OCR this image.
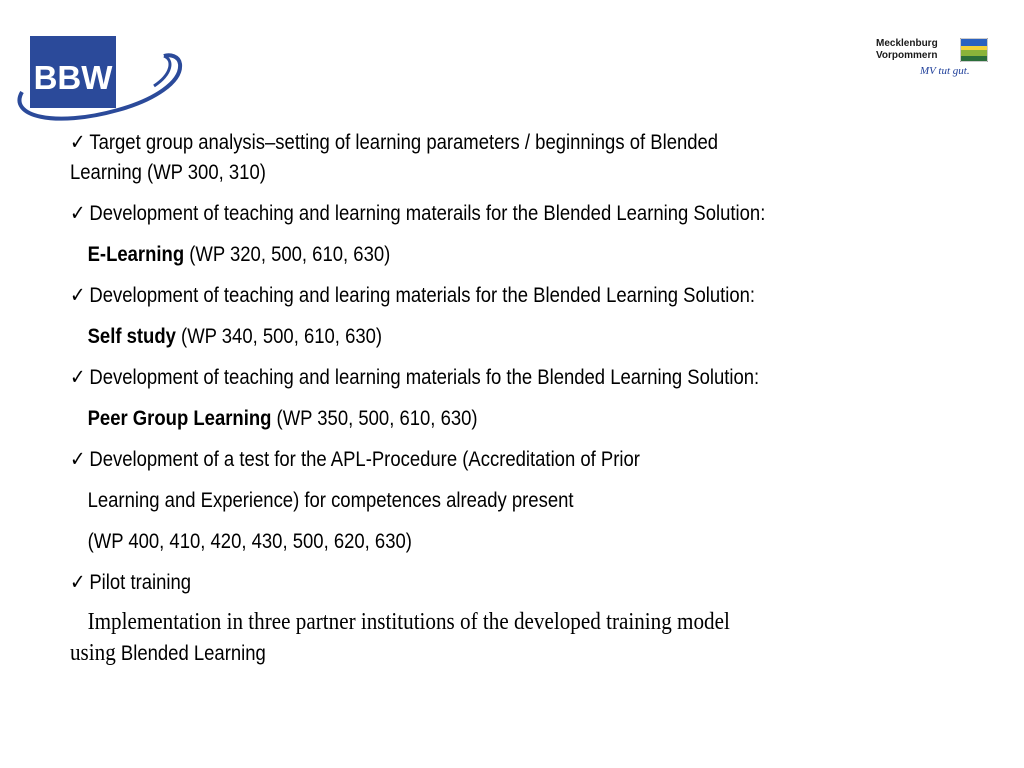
BBW
Mecklenburg
Vorpommern
MV tut gut.
✓ Target group analysis–setting of learning parameters / beginnings of Blended
Learning (WP 300, 310)
✓ Development of teaching and learning materails for the Blended Learning Solution:
E-Learning (WP 320, 500, 610, 630)
✓ Development of teaching and learing materials for the Blended Learning Solution:
Self study (WP 340, 500, 610, 630)
✓ Development of teaching and learning materials fo the Blended Learning Solution:
Peer Group Learning (WP 350, 500, 610, 630)
✓ Development of a test for the APL-Procedure (Accreditation of Prior
Learning and Experience) for competences already present
(WP 400, 410, 420, 430, 500, 620, 630)
✓ Pilot training
Implementation in three partner institutions of the developed training model
using Blended Learning
